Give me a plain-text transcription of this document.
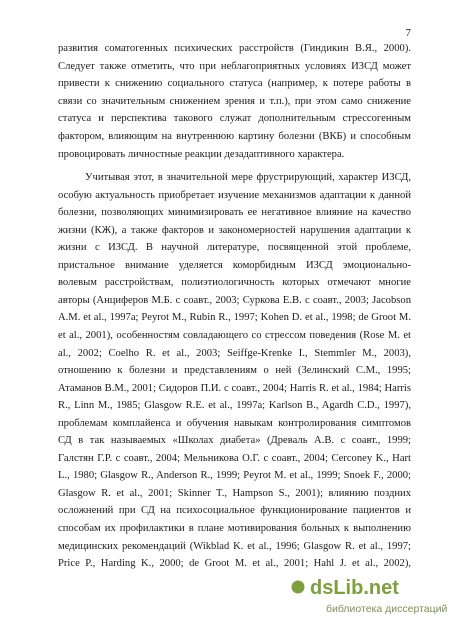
7
развития соматогенных психических расстройств (Гиндикин В.Я., 2000).
Следует также отметить, что при неблагоприятных условиях ИЗСД может
привести к снижению социального статуса (например, к потере работы в
связи со значительным снижением зрения и т.п.), при этом само снижение
статуса и перспектива такового служат дополнительным стрессогенным
фактором, влияющим на внутреннюю картину болезни (ВКБ) и способным
провоцировать личностные реакции дезадаптивного характера.
Учитывая этот, в значительной мере фрустрирующий, характер ИЗСД,
особую актуальность приобретает изучение механизмов адаптации к данной
болезни, позволяющих минимизировать ее негативное влияние на качество
жизни (КЖ), а также факторов и закономерностей нарушения адаптации к
жизни с ИЗСД. В научной литературе, посвященной этой проблеме,
пристальное внимание уделяется коморбидным ИЗСД эмоционально-
волевым расстройствам, полиэтиологичность которых отмечают многие
авторы (Анциферов М.Б. с соавт., 2003; Суркова Е.В. с соавт., 2003; Jacobson
A.M. et al., 1997a; Peyrot M., Rubin R., 1997; Kohen D. et al., 1998; de Groot M.
et al., 2001), особенностям совладающего со стрессом поведения (Rose M. et
al., 2002; Coelho R. et al., 2003; Seiffge-Krenke I., Stemmler M., 2003),
отношению к болезни и представлениям о ней (Зелинский С.М., 1995;
Атаманов В.М., 2001; Сидоров П.И. с соавт., 2004; Harris R. et al., 1984; Harris
R., Linn M., 1985; Glasgow R.E. et al., 1997a; Karlson B., Agardh C.D., 1997),
проблемам комплайенса и обучения навыкам контролирования симптомов
СД в так называемых «Школах диабета» (Древаль А.В. с соавт., 1999;
Галстян Г.Р. с соавт., 2004; Мельникова О.Г. с соавт., 2004; Cerconey K., Hart
L., 1980; Glasgow R., Anderson R., 1999; Peyrot M. et al., 1999; Snoek F., 2000;
Glasgow R. et al., 2001; Skinner T., Hampson S., 2001); влиянию поздних
осложнений при СД на психосоциальное функционирование пациентов и
способам их профилактики в плане мотивирования больных к выполнению
медицинских рекомендаций (Wikblad K. et al., 1996; Glasgow R. et al., 1997;
Price P., Harding K., 2000; de Groot M. et al., 2001; Hahl J. et al., 2002),
dsLib.net
библиотека диссертаций
